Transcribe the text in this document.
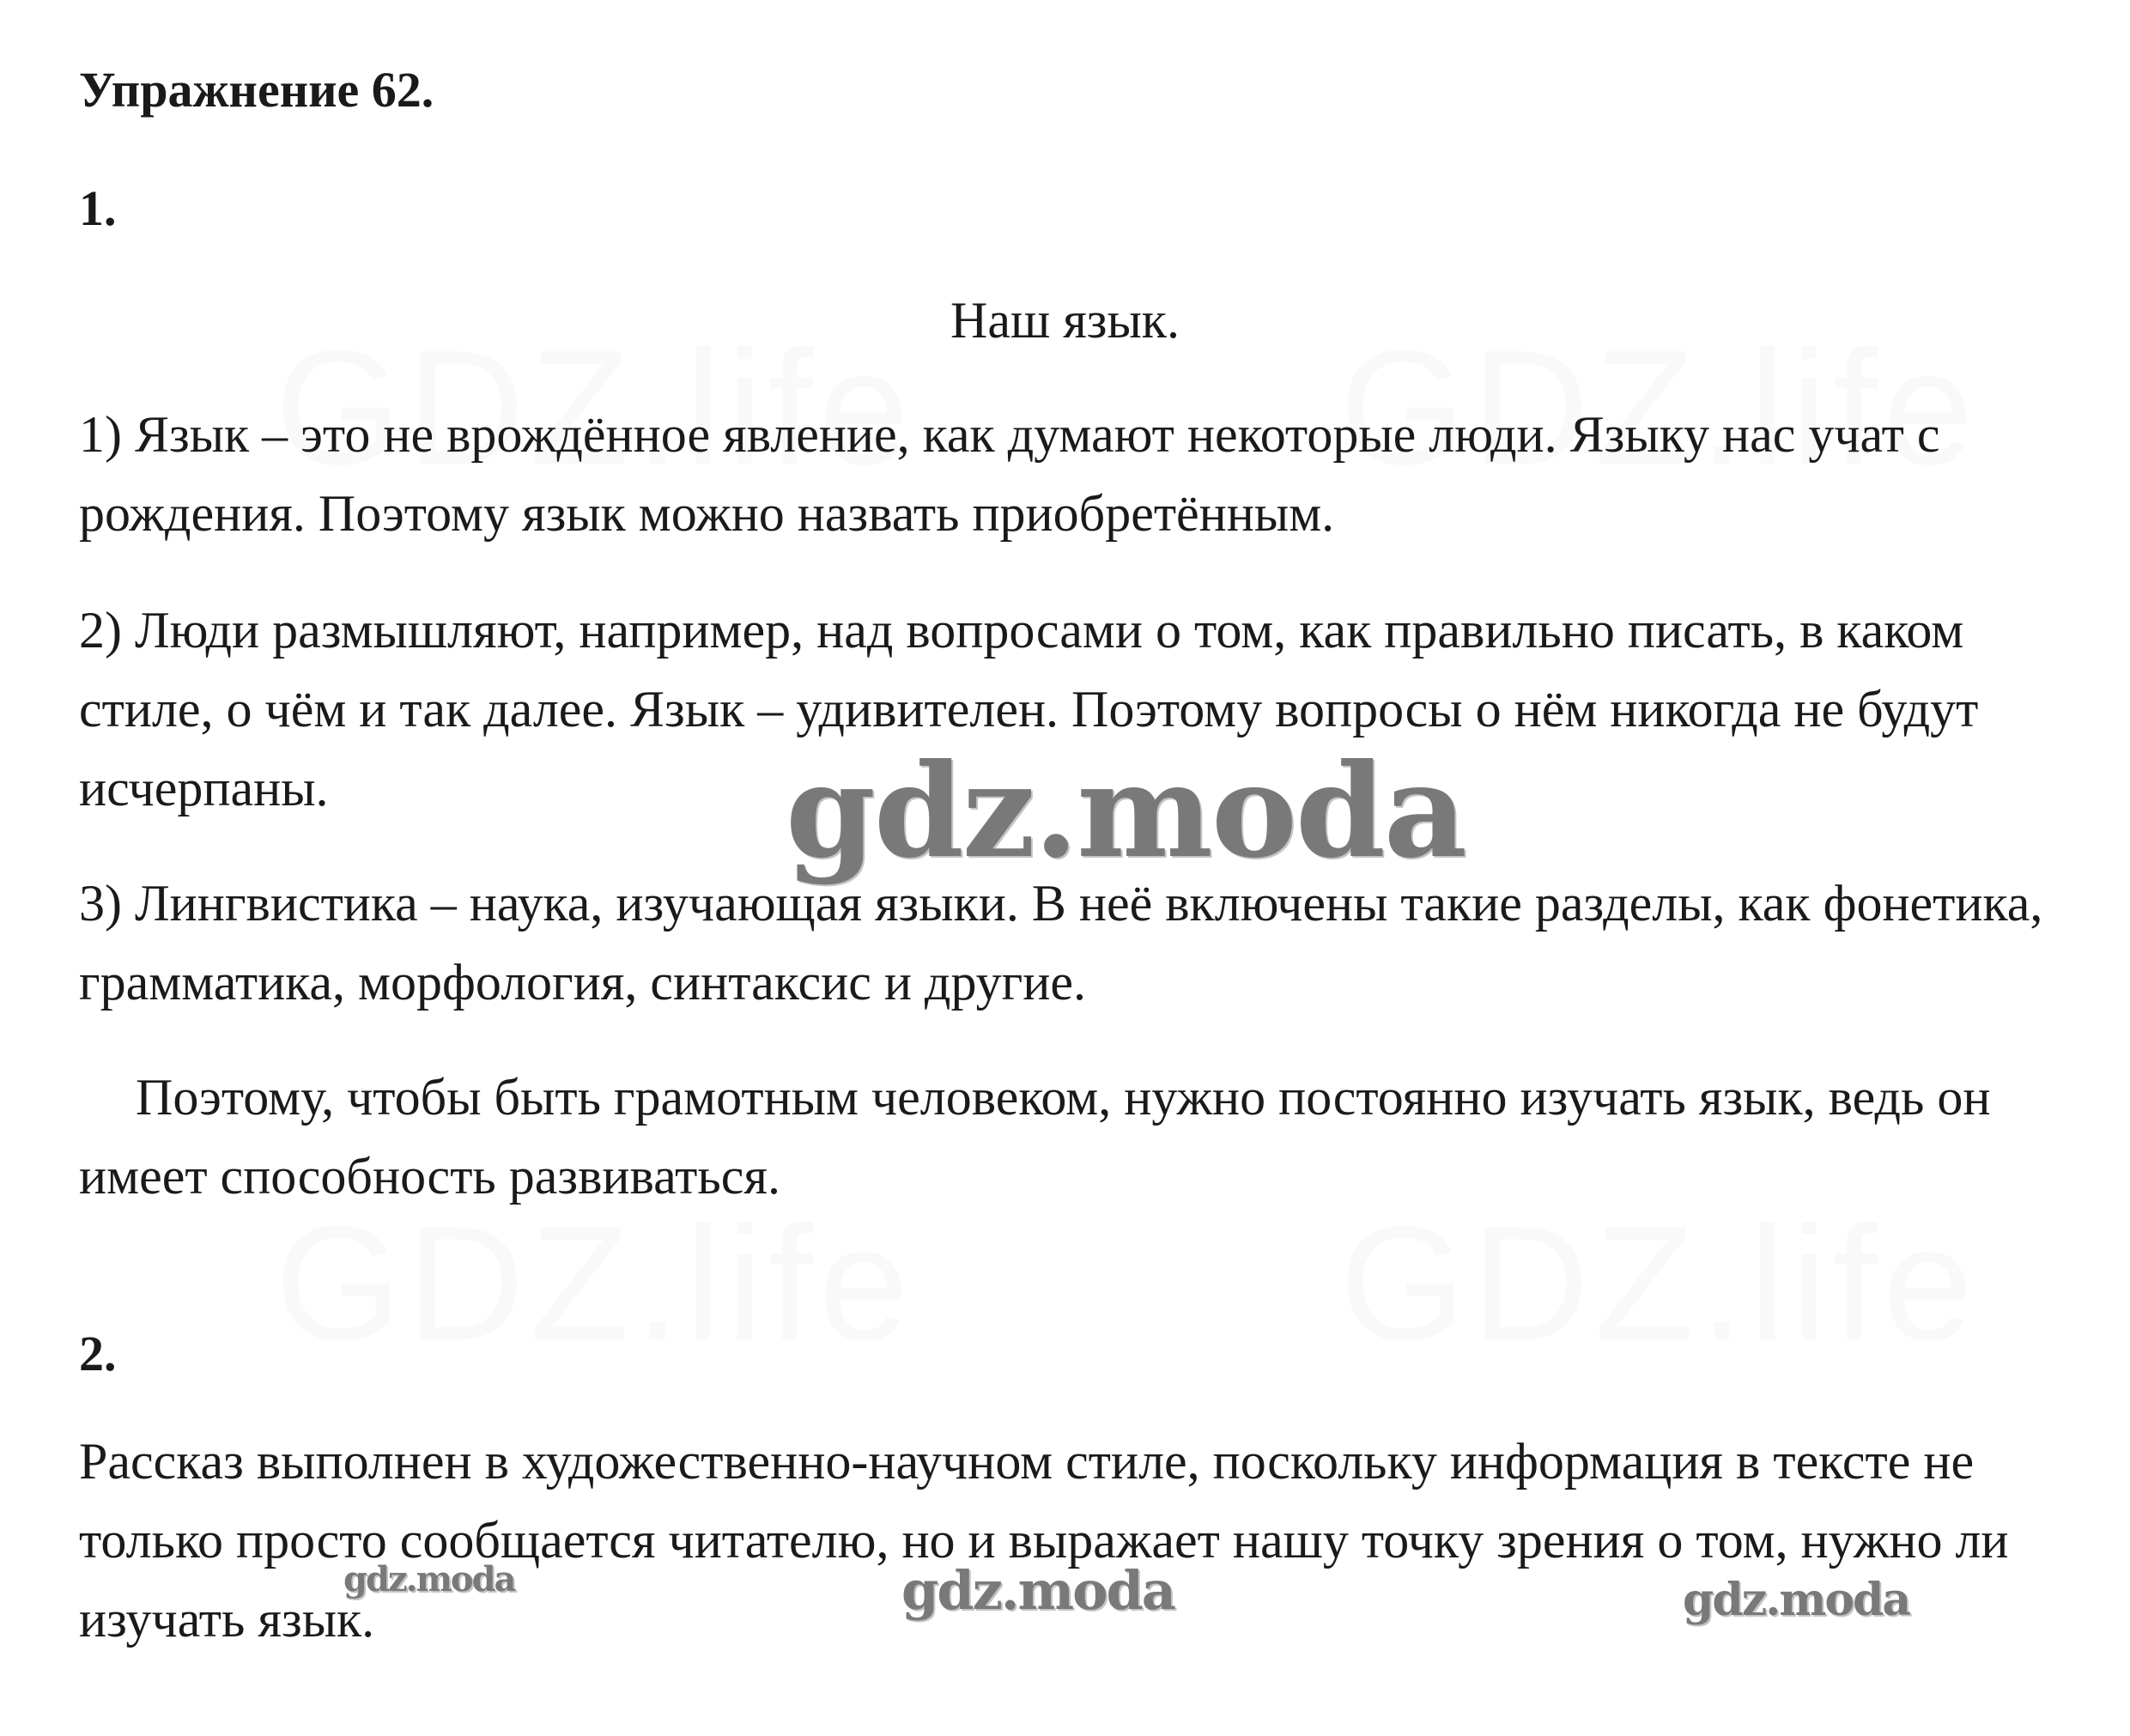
Упражнение 62.
1.

Наш язык.

1) Язык – это не врождённое явление, как думают некоторые люди. Языку нас учат с рождения. Поэтому язык можно назвать приобретённым.

2) Люди размышляют, например, над вопросами о том, как правильно писать, в каком стиле, о чём и так далее. Язык – удивителен. Поэтому вопросы о нём никогда не будут исчерпаны.

3) Лингвистика – наука, изучающая языки. В неё включены такие разделы, как фонетика, грамматика, морфология, синтаксис и другие.

Поэтому, чтобы быть грамотным человеком, нужно постоянно изучать язык, ведь он имеет способность развиваться.

2.

Рассказ выполнен в художественно-научном стиле, поскольку информация в тексте не только просто сообщается читателю, но и выражает нашу точку зрения о том, нужно ли изучать язык.

gdz.moda
gdz.moda	gdz.moda	gdz.moda
